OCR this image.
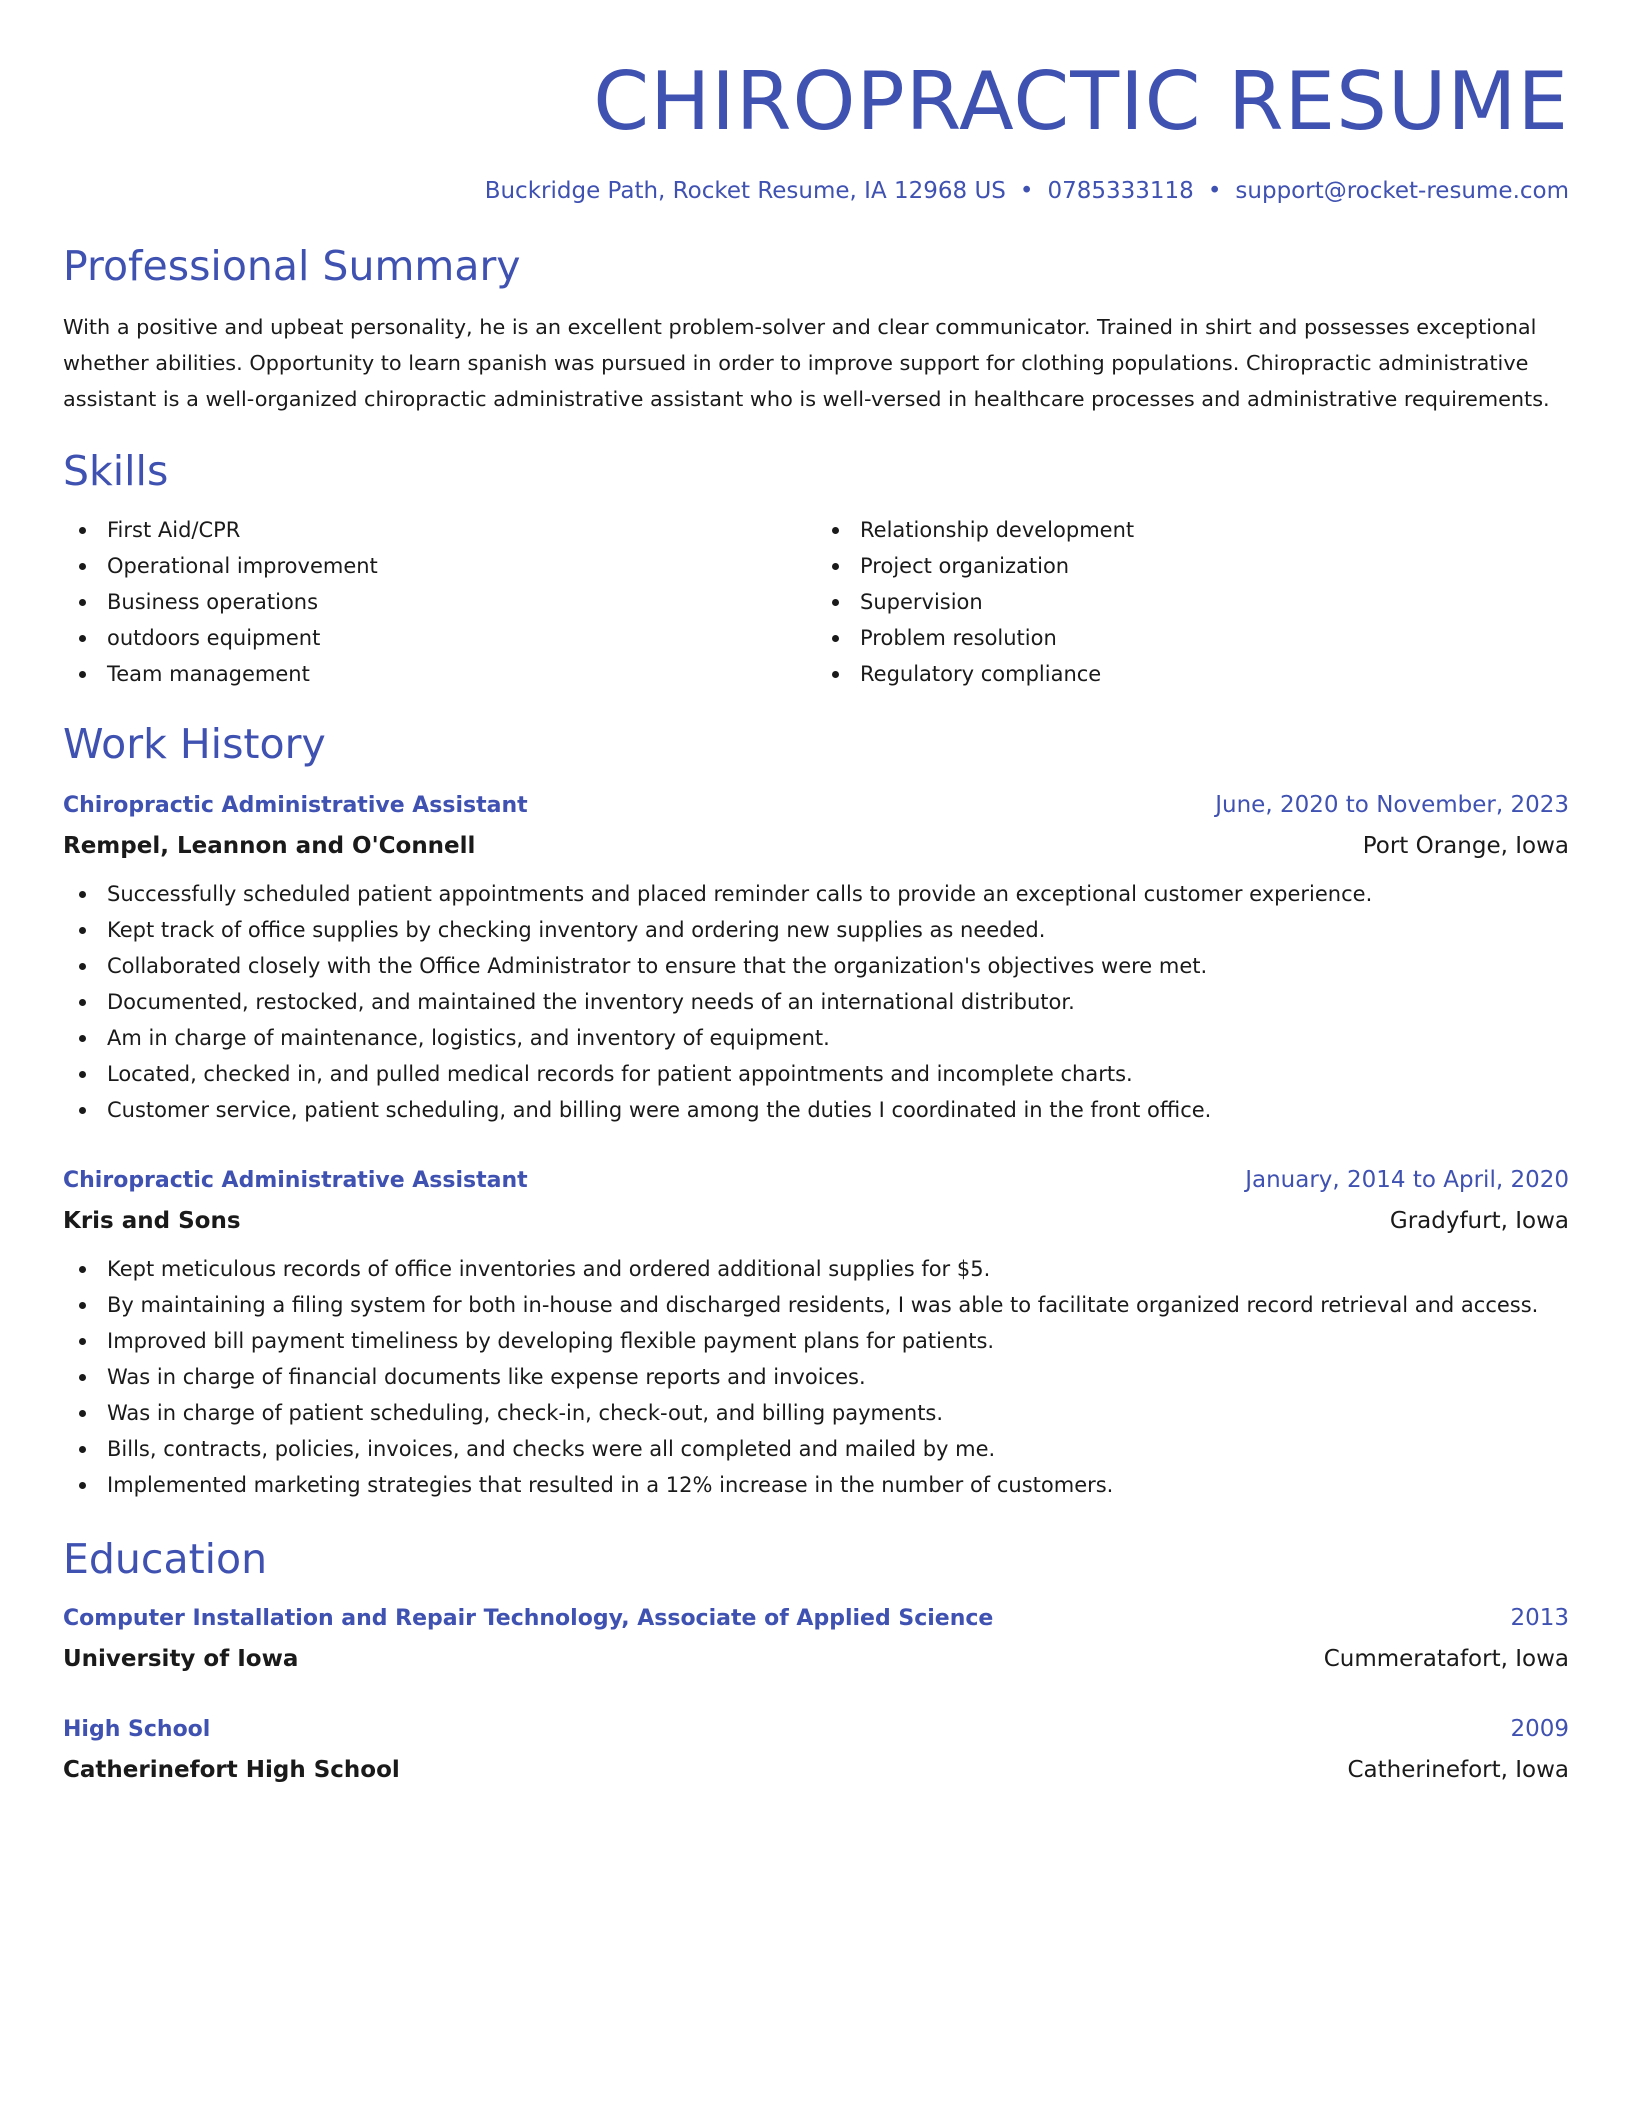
CHIROPRACTIC RESUME
Buckridge Path, Rocket Resume, IA 12968 US • 0785333118 • support@rocket-resume.com
Professional Summary
With a positive and upbeat personality, he is an excellent problem-solver and clear communicator. Trained in shirt and possesses exceptional whether abilities. Opportunity to learn spanish was pursued in order to improve support for clothing populations. Chiropractic administrative assistant is a well-organized chiropractic administrative assistant who is well-versed in healthcare processes and administrative requirements.
Skills
First Aid/CPR
Operational improvement
Business operations
outdoors equipment
Team management
Relationship development
Project organization
Supervision
Problem resolution
Regulatory compliance
Work History
Chiropractic Administrative Assistant	June, 2020 to November, 2023
Rempel, Leannon and O'Connell	Port Orange, Iowa
Successfully scheduled patient appointments and placed reminder calls to provide an exceptional customer experience.
Kept track of office supplies by checking inventory and ordering new supplies as needed.
Collaborated closely with the Office Administrator to ensure that the organization's objectives were met.
Documented, restocked, and maintained the inventory needs of an international distributor.
Am in charge of maintenance, logistics, and inventory of equipment.
Located, checked in, and pulled medical records for patient appointments and incomplete charts.
Customer service, patient scheduling, and billing were among the duties I coordinated in the front office.
Chiropractic Administrative Assistant	January, 2014 to April, 2020
Kris and Sons	Gradyfurt, Iowa
Kept meticulous records of office inventories and ordered additional supplies for $5.
By maintaining a filing system for both in-house and discharged residents, I was able to facilitate organized record retrieval and access.
Improved bill payment timeliness by developing flexible payment plans for patients.
Was in charge of financial documents like expense reports and invoices.
Was in charge of patient scheduling, check-in, check-out, and billing payments.
Bills, contracts, policies, invoices, and checks were all completed and mailed by me.
Implemented marketing strategies that resulted in a 12% increase in the number of customers.
Education
Computer Installation and Repair Technology, Associate of Applied Science	2013
University of Iowa	Cummeratafort, Iowa
High School	2009
Catherinefort High School	Catherinefort, Iowa
